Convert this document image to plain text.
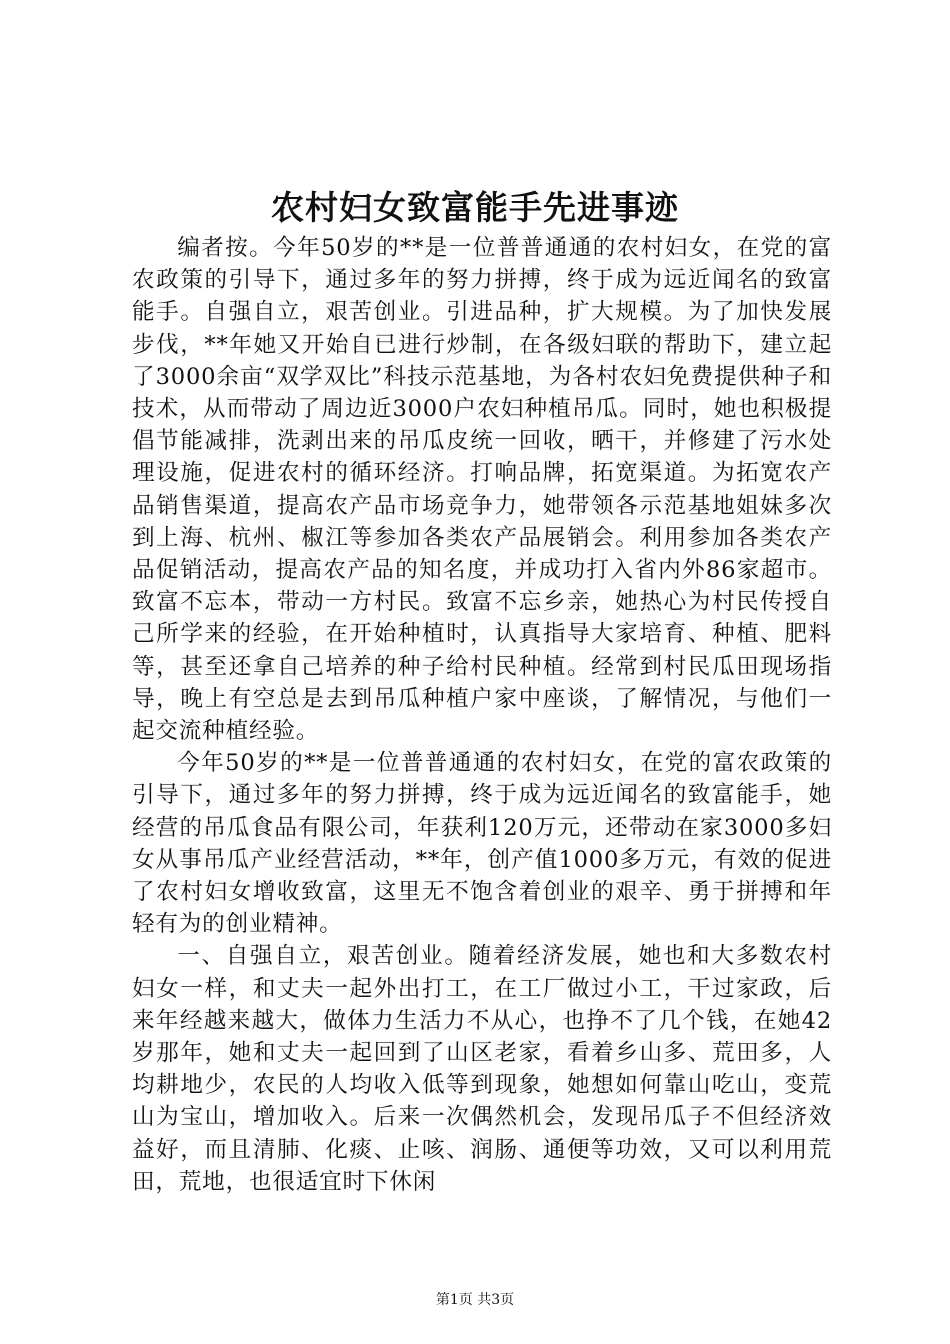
农村妇女致富能手先进事迹

编者按。今年50岁的**是一位普普通通的农村妇女，在党的富农政策的引导下，通过多年的努力拼搏，终于成为远近闻名的致富能手。自强自立，艰苦创业。引进品种，扩大规模。为了加快发展步伐，**年她又开始自已进行炒制，在各级妇联的帮助下，建立起了3000余亩“双学双比”科技示范基地，为各村农妇免费提供种子和技术，从而带动了周边近3000户农妇种植吊瓜。同时，她也积极提倡节能减排，洗剥出来的吊瓜皮统一回收，晒干，并修建了污水处理设施，促进农村的循环经济。打响品牌，拓宽渠道。为拓宽农产品销售渠道，提高农产品市场竞争力，她带领各示范基地姐妹多次到上海、杭州、椒江等参加各类农产品展销会。利用参加各类农产品促销活动，提高农产品的知名度，并成功打入省内外86家超市。致富不忘本，带动一方村民。致富不忘乡亲，她热心为村民传授自己所学来的经验，在开始种植时，认真指导大家培育、种植、肥料等，甚至还拿自己培养的种子给村民种植。经常到村民瓜田现场指导，晚上有空总是去到吊瓜种植户家中座谈，了解情况，与他们一起交流种植经验。

今年50岁的**是一位普普通通的农村妇女，在党的富农政策的引导下，通过多年的努力拼搏，终于成为远近闻名的致富能手，她经营的吊瓜食品有限公司，年获利120万元，还带动在家3000多妇女从事吊瓜产业经营活动，**年，创产值1000多万元，有效的促进了农村妇女增收致富，这里无不饱含着创业的艰辛、勇于拼搏和年轻有为的创业精神。

一、自强自立，艰苦创业。随着经济发展，她也和大多数农村妇女一样，和丈夫一起外出打工，在工厂做过小工，干过家政，后来年经越来越大，做体力生活力不从心，也挣不了几个钱，在她42岁那年，她和丈夫一起回到了山区老家，看着乡山多、荒田多，人均耕地少，农民的人均收入低等到现象，她想如何靠山吃山，变荒山为宝山，增加收入。后来一次偶然机会，发现吊瓜子不但经济效益好，而且清肺、化痰、止咳、润肠、通便等功效，又可以利用荒田，荒地，也很适宜时下休闲

第1页 共3页
